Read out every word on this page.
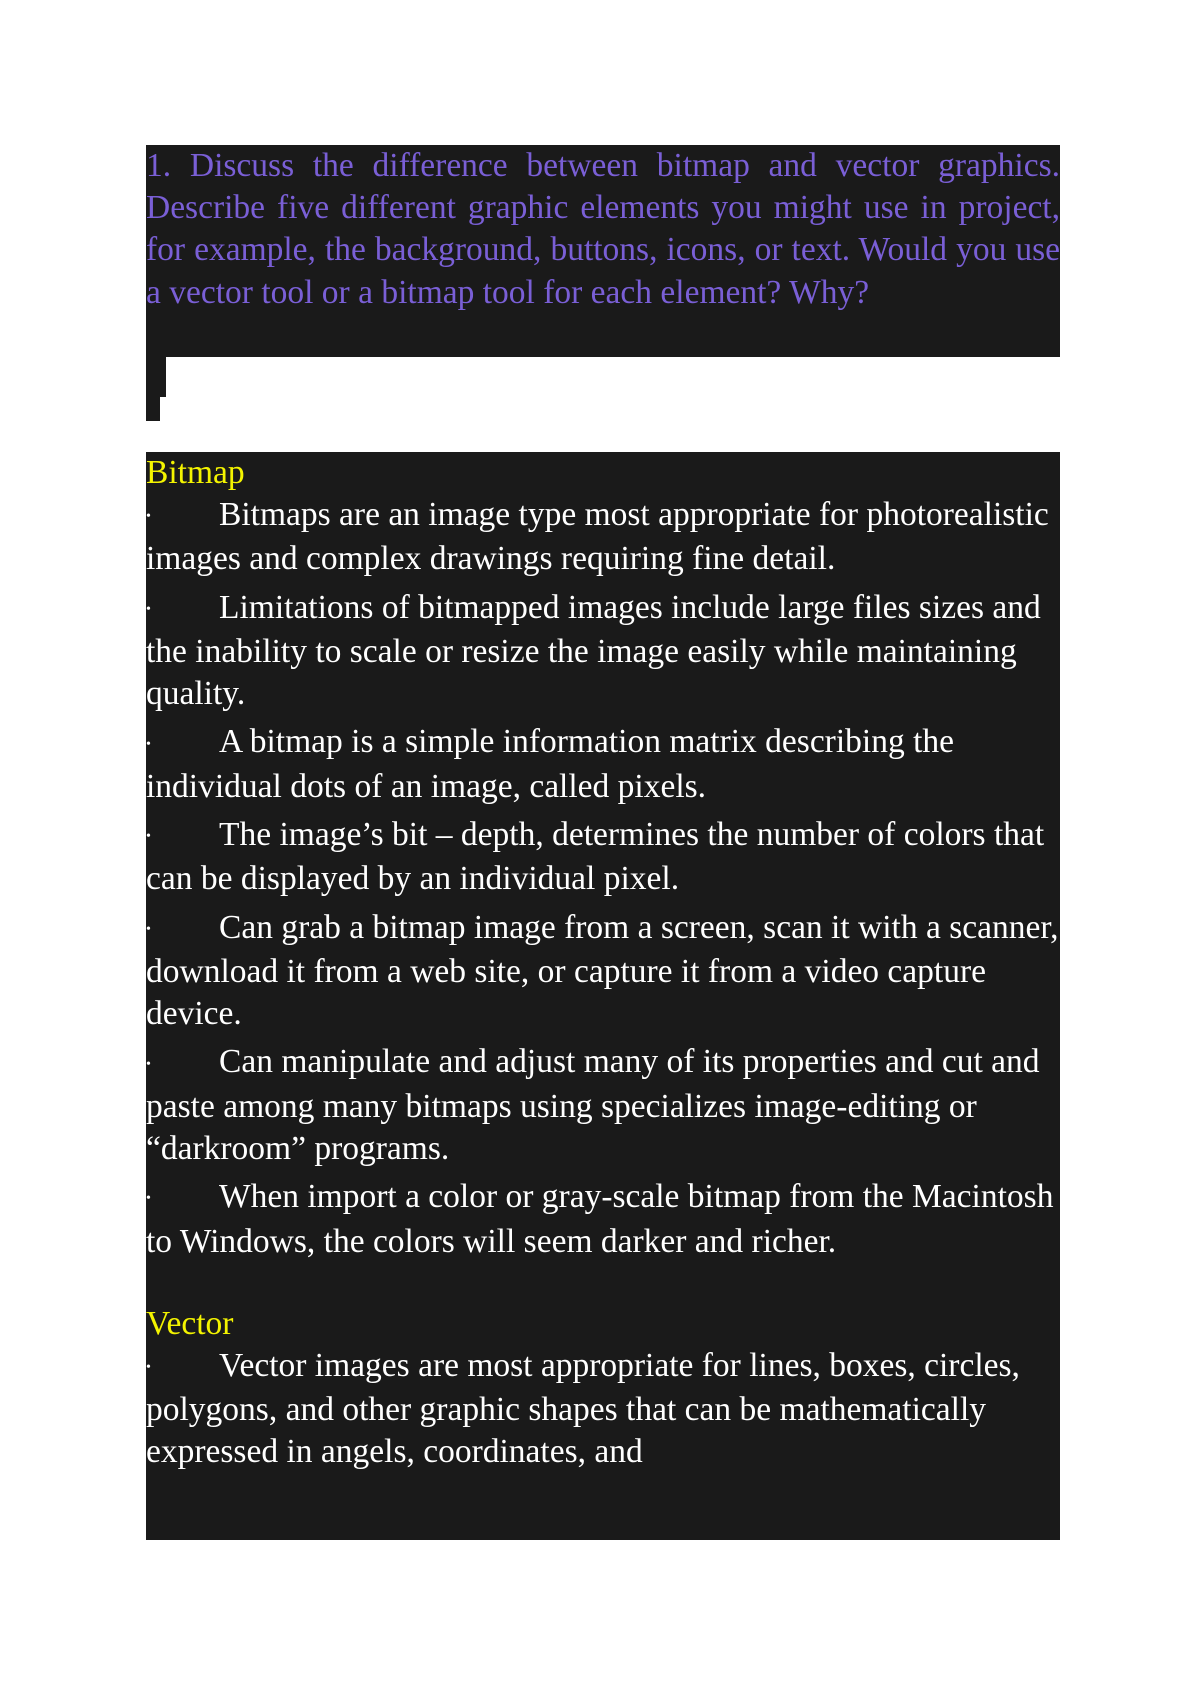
1. Discuss the difference between bitmap and vector graphics. Describe five different graphic elements you might use in project, for example, the background, buttons, icons, or text. Would you use a vector tool or a bitmap tool for each element? Why?

Bitmap

• Bitmaps are an image type most appropriate for photorealistic images and complex drawings requiring fine detail.

• Limitations of bitmapped images include large files sizes and the inability to scale or resize the image easily while maintaining quality.

• A bitmap is a simple information matrix describing the individual dots of an image, called pixels.

• The image’s bit – depth, determines the number of colors that can be displayed by an individual pixel.

• Can grab a bitmap image from a screen, scan it with a scanner, download it from a web site, or capture it from a video capture device.

• Can manipulate and adjust many of its properties and cut and paste among many bitmaps using specializes image-editing or “darkroom” programs.

• When import a color or gray-scale bitmap from the Macintosh to Windows, the colors will seem darker and richer.

Vector

• Vector images are most appropriate for lines, boxes, circles, polygons, and other graphic shapes that can be mathematically expressed in angels, coordinates, and
